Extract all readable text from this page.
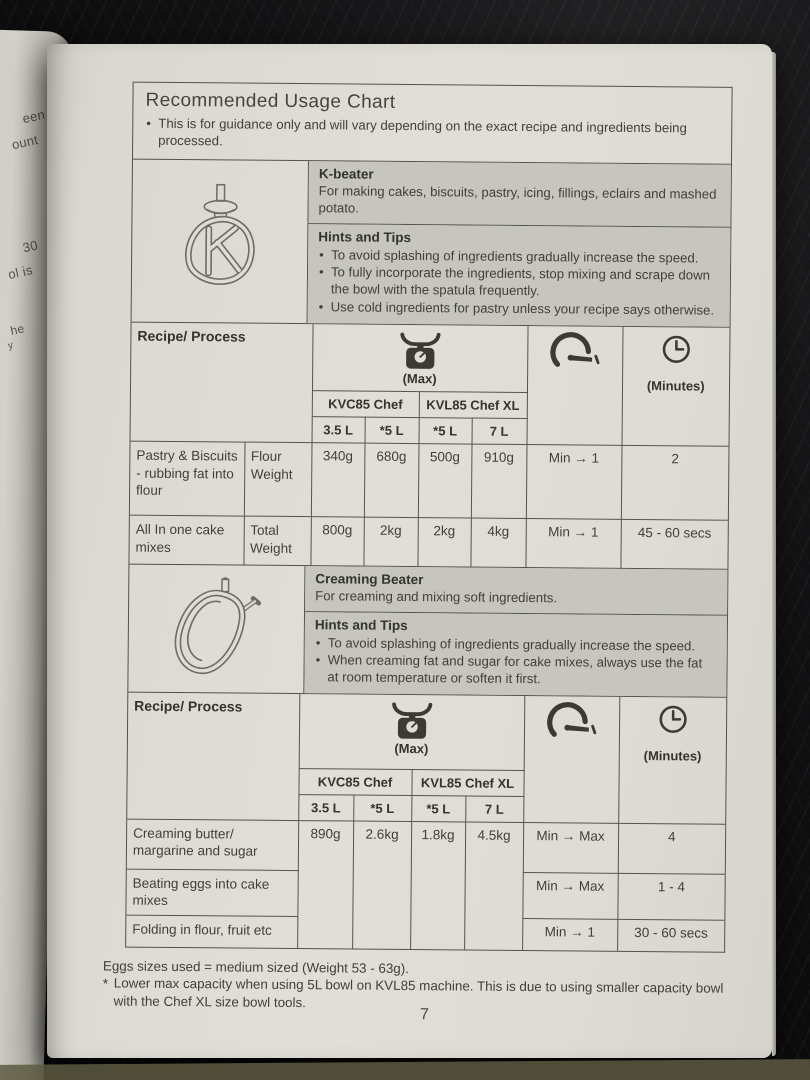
een
ount
30
ol is
he
y
Recommended Usage Chart
• This is for guidance only and will vary depending on the exact recipe and ingredients being processed.
K-beater
For making cakes, biscuits, pastry, icing, fillings, eclairs and mashed potato.
Hints and Tips
• To avoid splashing of ingredients gradually increase the speed.
• To fully incorporate the ingredients, stop mixing and scrape down the bowl with the spatula frequently.
• Use cold ingredients for pastry unless your recipe says otherwise.
Recipe/ Process		(Max)					(Minutes)

		KVC85 Chef		KVL85 Chef XL			
		3.5 L	*5 L	*5 L	7 L		
Pastry & Biscuits - rubbing fat into flour	Flour Weight	340g	680g	500g	910g	Min → 1	2
All In one cake mixes	Total Weight	800g	2kg	2kg	4kg	Min → 1	45 - 60 secs
Creaming Beater
For creaming and mixing soft ingredients.
Hints and Tips
• To avoid splashing of ingredients gradually increase the speed.
• When creaming fat and sugar for cake mixes, always use the fat at room temperature or soften it first.
Recipe/ Process	(Max)					(Minutes)

	KVC85 Chef		KVL85 Chef XL			
	3.5 L	*5 L	*5 L	7 L		
Creaming butter/ margarine and sugar	890g	2.6kg	1.8kg	4.5kg	Min → Max	4
Beating eggs into cake mixes					Min → Max	1 - 4
Folding in flour, fruit etc					Min → 1	30 - 60 secs
Eggs sizes used = medium sized (Weight 53 - 63g).
* Lower max capacity when using 5L bowl on KVL85 machine. This is due to using smaller capacity bowl with the Chef XL size bowl tools.
7
